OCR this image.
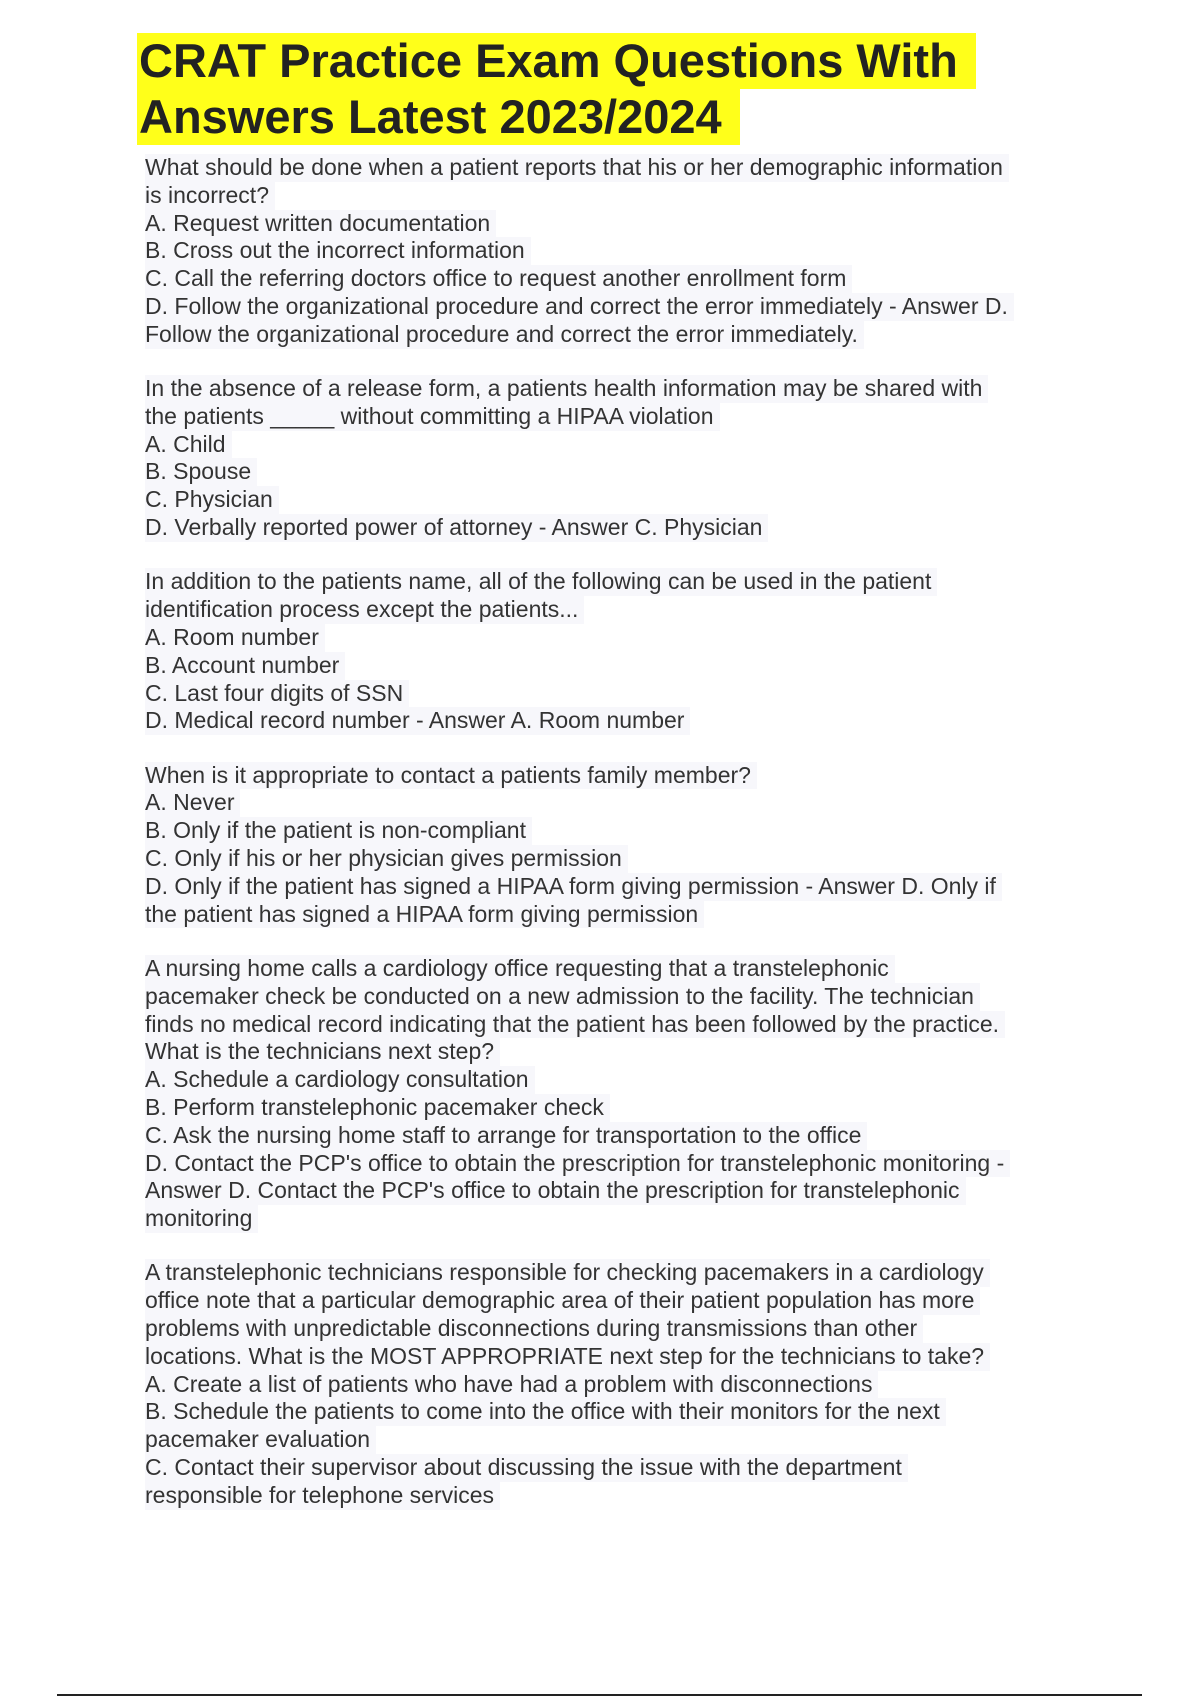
CRAT Practice Exam Questions With
Answers Latest 2023/2024
What should be done when a patient reports that his or her demographic information
is incorrect?
A. Request written documentation
B. Cross out the incorrect information
C. Call the referring doctors office to request another enrollment form
D. Follow the organizational procedure and correct the error immediately - Answer D.
Follow the organizational procedure and correct the error immediately.
In the absence of a release form, a patients health information may be shared with
the patients _____ without committing a HIPAA violation
A. Child
B. Spouse
C. Physician
D. Verbally reported power of attorney - Answer C. Physician
In addition to the patients name, all of the following can be used in the patient
identification process except the patients...
A. Room number
B. Account number
C. Last four digits of SSN
D. Medical record number - Answer A. Room number
When is it appropriate to contact a patients family member?
A. Never
B. Only if the patient is non-compliant
C. Only if his or her physician gives permission
D. Only if the patient has signed a HIPAA form giving permission - Answer D. Only if
the patient has signed a HIPAA form giving permission
A nursing home calls a cardiology office requesting that a transtelephonic
pacemaker check be conducted on a new admission to the facility. The technician
finds no medical record indicating that the patient has been followed by the practice.
What is the technicians next step?
A. Schedule a cardiology consultation
B. Perform transtelephonic pacemaker check
C. Ask the nursing home staff to arrange for transportation to the office
D. Contact the PCP's office to obtain the prescription for transtelephonic monitoring -
Answer D. Contact the PCP's office to obtain the prescription for transtelephonic
monitoring
A transtelephonic technicians responsible for checking pacemakers in a cardiology
office note that a particular demographic area of their patient population has more
problems with unpredictable disconnections during transmissions than other
locations. What is the MOST APPROPRIATE next step for the technicians to take?
A. Create a list of patients who have had a problem with disconnections
B. Schedule the patients to come into the office with their monitors for the next
pacemaker evaluation
C. Contact their supervisor about discussing the issue with the department
responsible for telephone services
